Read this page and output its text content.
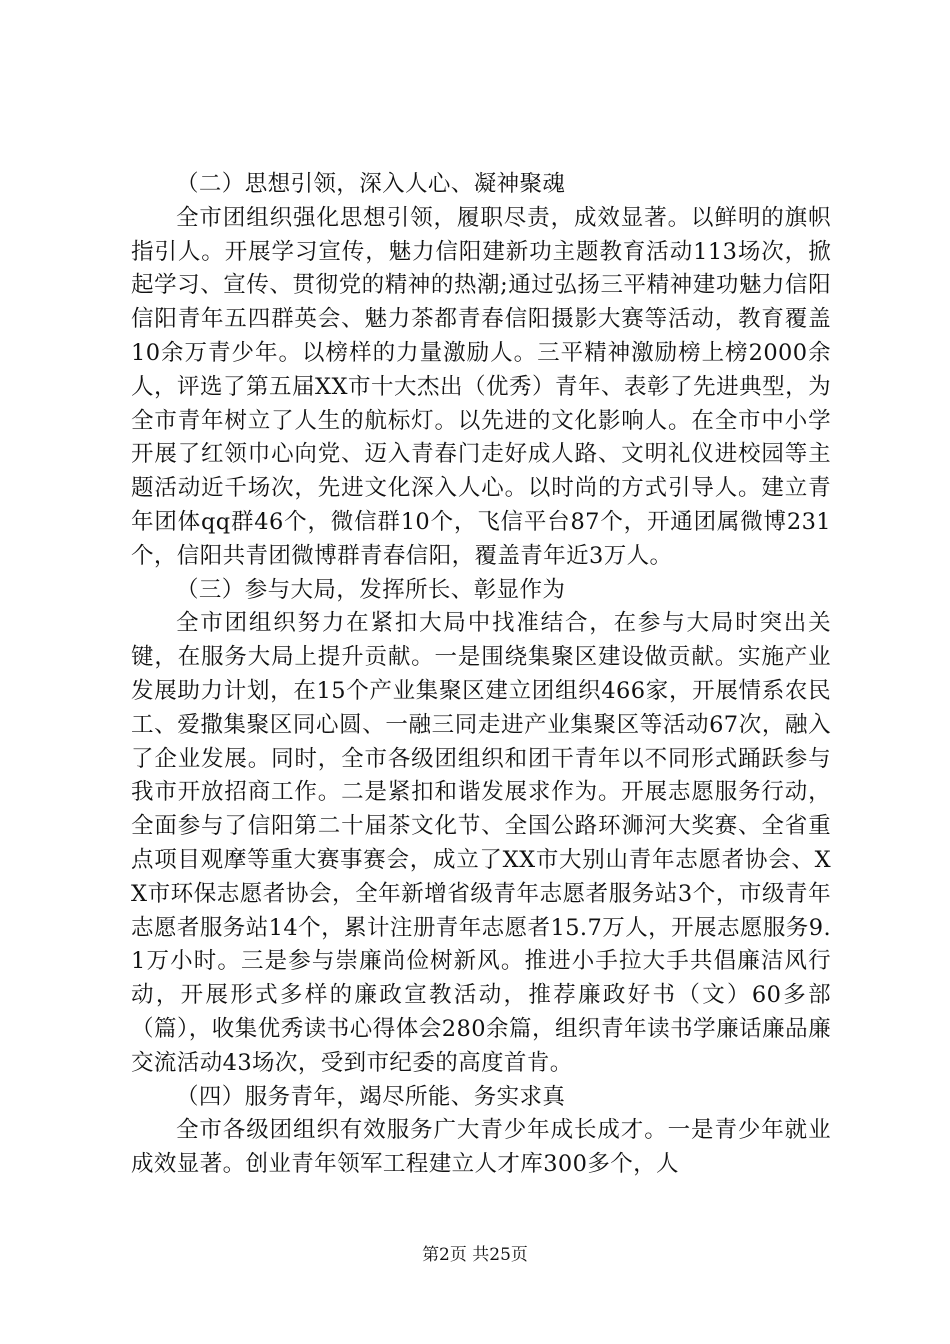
（二）思想引领，深入人心、凝神聚魂

全市团组织强化思想引领，履职尽责，成效显著。以鲜明的旗帜指引人。开展学习宣传，魅力信阳建新功主题教育活动113场次，掀起学习、宣传、贯彻党的精神的热潮;通过弘扬三平精神建功魅力信阳信阳青年五四群英会、魅力茶都青春信阳摄影大赛等活动，教育覆盖10余万青少年。以榜样的力量激励人。三平精神激励榜上榜2000余人，评选了第五届XX市十大杰出（优秀）青年、表彰了先进典型，为全市青年树立了人生的航标灯。以先进的文化影响人。在全市中小学开展了红领巾心向党、迈入青春门走好成人路、文明礼仪进校园等主题活动近千场次，先进文化深入人心。以时尚的方式引导人。建立青年团体qq群46个，微信群10个，飞信平台87个，开通团属微博231个，信阳共青团微博群青春信阳，覆盖青年近3万人。

（三）参与大局，发挥所长、彰显作为

全市团组织努力在紧扣大局中找准结合，在参与大局时突出关键，在服务大局上提升贡献。一是围绕集聚区建设做贡献。实施产业发展助力计划，在15个产业集聚区建立团组织466家，开展情系农民工、爱撒集聚区同心圆、一融三同走进产业集聚区等活动67次，融入了企业发展。同时，全市各级团组织和团干青年以不同形式踊跃参与我市开放招商工作。二是紧扣和谐发展求作为。开展志愿服务行动，全面参与了信阳第二十届茶文化节、全国公路环浉河大奖赛、全省重点项目观摩等重大赛事赛会，成立了XX市大别山青年志愿者协会、XX市环保志愿者协会，全年新增省级青年志愿者服务站3个，市级青年志愿者服务站14个，累计注册青年志愿者15.7万人，开展志愿服务9.1万小时。三是参与崇廉尚俭树新风。推进小手拉大手共倡廉洁风行动，开展形式多样的廉政宣教活动，推荐廉政好书（文）60多部（篇），收集优秀读书心得体会280余篇，组织青年读书学廉话廉品廉交流活动43场次，受到市纪委的高度首肯。

（四）服务青年，竭尽所能、务实求真

全市各级团组织有效服务广大青少年成长成才。一是青少年就业成效显著。创业青年领军工程建立人才库300多个，人

第2页 共25页
